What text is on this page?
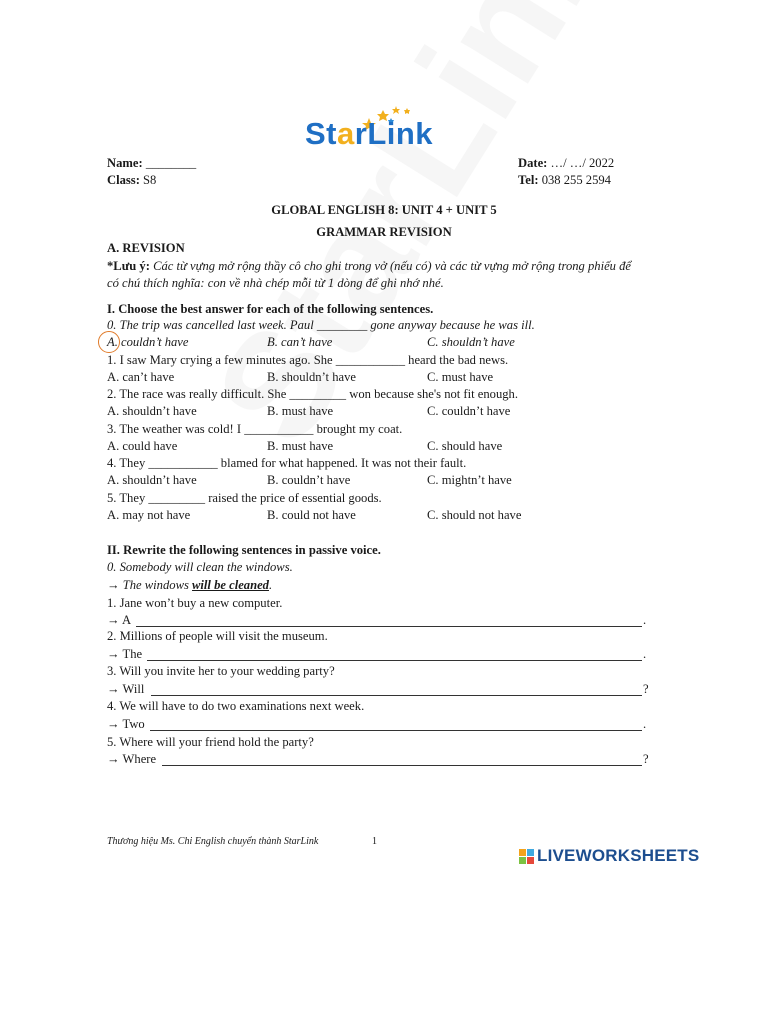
StarLink
Name: ________
Class: S8
Date: …/ …/ 2022
Tel: 038 255 2594
GLOBAL ENGLISH 8: UNIT 4 + UNIT 5
GRAMMAR REVISION
A. REVISION
*Lưu ý: Các từ vựng mở rộng thầy cô cho ghi trong vở (nếu có) và các từ vựng mở rộng trong phiếu để
có chú thích nghĩa: con về nhà chép mỗi từ 1 dòng để ghi nhớ nhé.
I. Choose the best answer for each of the following sentences.
0. The trip was cancelled last week. Paul ________ gone anyway because he was ill.
A. couldn’t have	B. can’t have	C. shouldn’t have
1. I saw Mary crying a few minutes ago. She ___________ heard the bad news.
A. can’t have	B. shouldn’t have	C. must have
2. The race was really difficult. She _________ won because she's not fit enough.
A. shouldn’t have	B. must have	C. couldn’t have
3. The weather was cold! I ___________ brought my coat.
A. could have	B. must have	C. should have
4. They ___________ blamed for what happened. It was not their fault.
A. shouldn’t have	B. couldn’t have	C. mightn’t have
5. They _________ raised the price of essential goods.
A. may not have	B. could not have	C. should not have
II. Rewrite the following sentences in passive voice.
0. Somebody will clean the windows.
→ The windows will be cleaned.
1. Jane won’t buy a new computer.
→ A	.
2. Millions of people will visit the museum.
→ The	.
3. Will you invite her to your wedding party?
→ Will	?
4. We will have to do two examinations next week.
→ Two	.
5. Where will your friend hold the party?
→ Where	?
Thương hiệu Ms. Chi English chuyển thành StarLink	1
LIVEWORKSHEETS
